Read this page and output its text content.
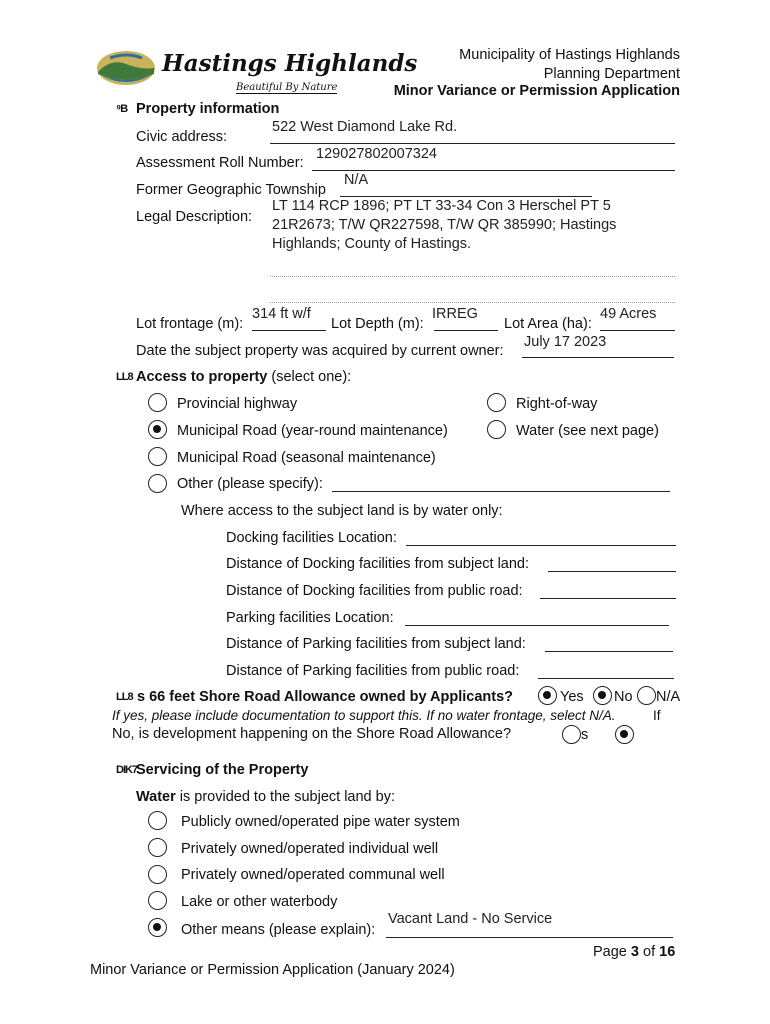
Hastings Highlands
Beautiful By Nature
Municipality of Hastings Highlands
Planning Department
Minor Variance or Permission Application
⁹B Property information
Civic address:
522 West Diamond Lake Rd.
Assessment Roll Number:
129027802007324
Former Geographic Township
N/A
Legal Description:
LT 114 RCP 1896; PT LT 33-34 Con 3 Herschel PT 5
21R2673; T/W QR227598, T/W QR 385990; Hastings
Highlands; County of Hastings.
Lot frontage (m):
314 ft w/f
Lot Depth (m):
IRREG
Lot Area (ha):
49 Acres
Date the subject property was acquired by current owner:
July 17 2023
LL8 Access to property (select one):
Provincial highway	Right-of-way
Municipal Road (year-round maintenance)	Water (see next page)
Municipal Road (seasonal maintenance)
Other (please specify):
Where access to the subject land is by water only:
Docking facilities Location:
Distance of Docking facilities from subject land:
Distance of Docking facilities from public road:
Parking facilities Location:
Distance of Parking facilities from subject land:
Distance of Parking facilities from public road:
LL8 s 66 feet Shore Road Allowance owned by Applicants?	Yes No N/A
If yes, please include documentation to support this. If no water frontage, select N/A.	If
No, is development happening on the Shore Road Allowance?	s
DIK7
Servicing of the Property
Water is provided to the subject land by:
Publicly owned/operated pipe water system
Privately owned/operated individual well
Privately owned/operated communal well
Lake or other waterbody
Other means (please explain):
Vacant Land - No Service
Page 3 of 16
Minor Variance or Permission Application (January 2024)
